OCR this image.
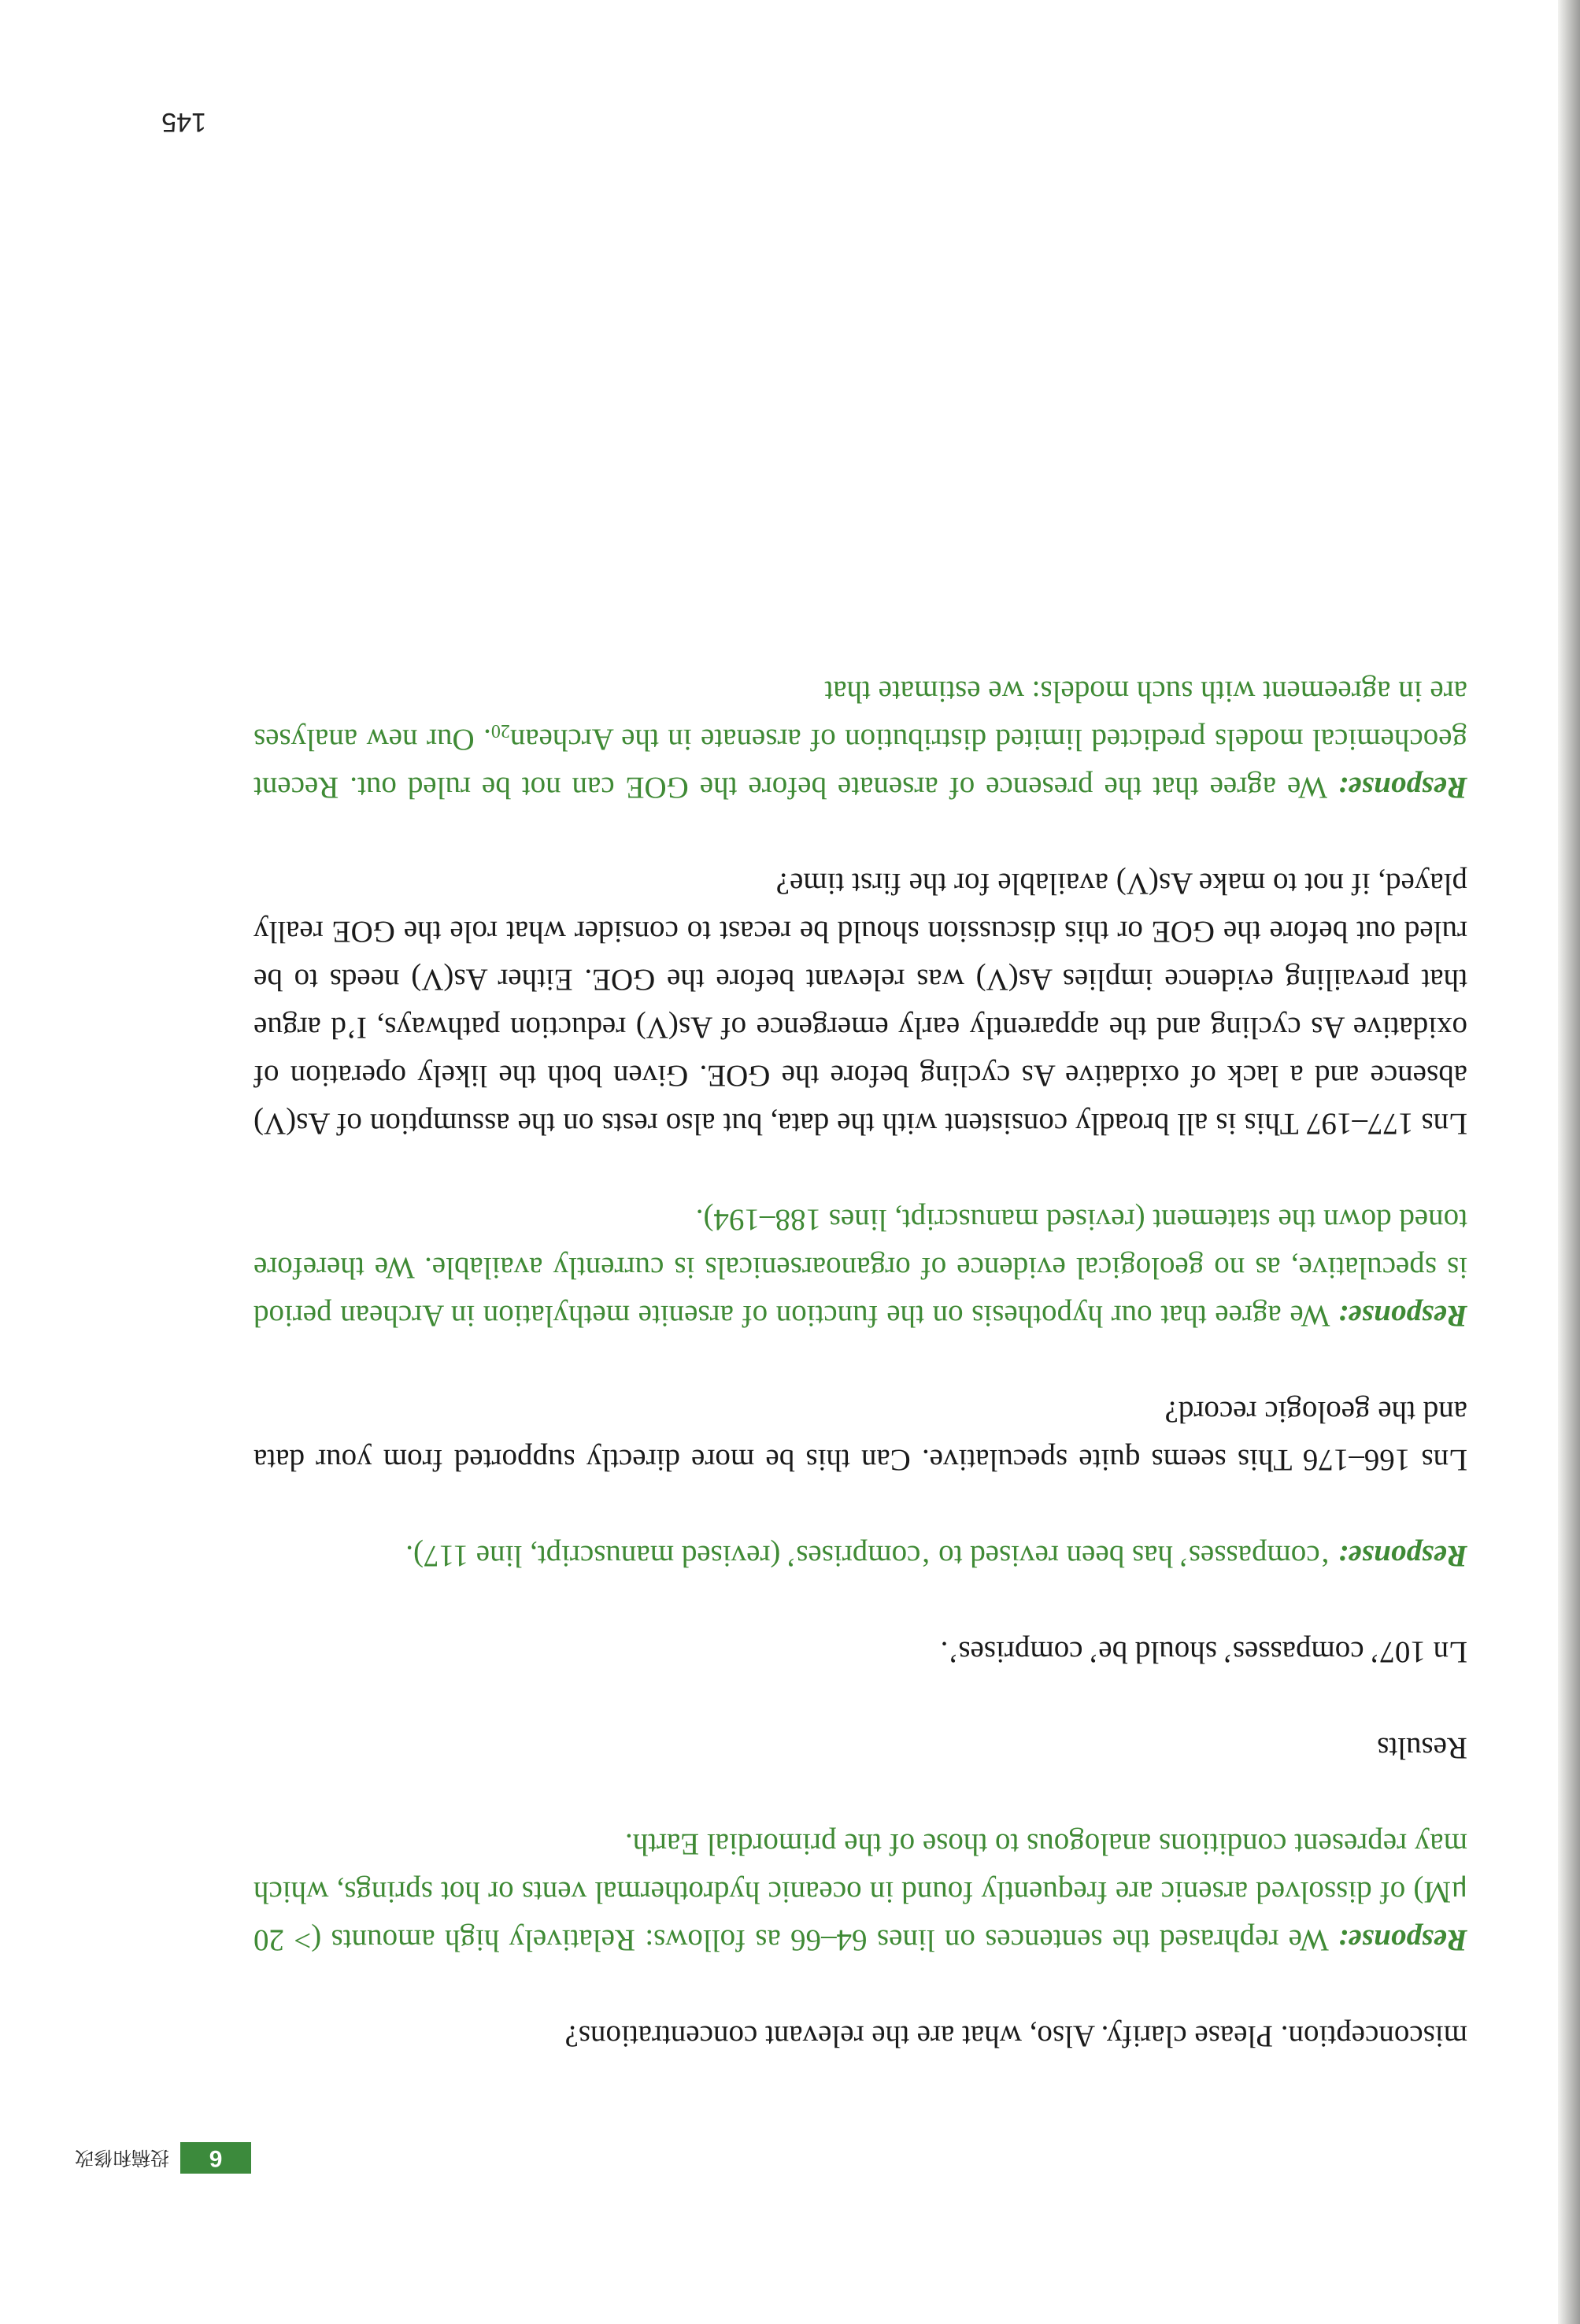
6
投稿和修改

misconception. Please clarify. Also, what are the relevant concentrations?

Response: We rephrased the sentences on lines 64–66 as follows: Relatively high amounts (> 20 μM) of dissolved arsenic are frequently found in oceanic hydrothermal vents or hot springs, which may represent conditions analogous to those of the primordial Earth.

Results

Ln 107’ compasses’ should be’ comprises’.

Response: ‘compasses’ has been revised to ‘comprises’ (revised manuscript, line 117).

Lns 166–176 This seems quite speculative. Can this be more directly supported from your data and the geologic record?

Response: We agree that our hypothesis on the function of arsenite methylation in Archean period is speculative, as no geological evidence of organoarsenicals is currently available. We therefore toned down the statement (revised manuscript, lines 188–194).

Lns 177–197 This is all broadly consistent with the data, but also rests on the assumption of As(V) absence and a lack of oxidative As cycling before the GOE. Given both the likely operation of oxidative As cycling and the apparently early emergence of As(V) reduction pathways, I’d argue that prevailing evidence implies As(V) was relevant before the GOE. Either As(V) needs to be ruled out before the GOE or this discussion should be recast to consider what role the GOE really played, if not to make As(V) available for the first time?

Response: We agree that the presence of arsenate before the GOE can not be ruled out. Recent geochemical models predicted limited distribution of arsenate in the Archean$_{20}$. Our new analyses are in agreement with such models: we estimate that

145
